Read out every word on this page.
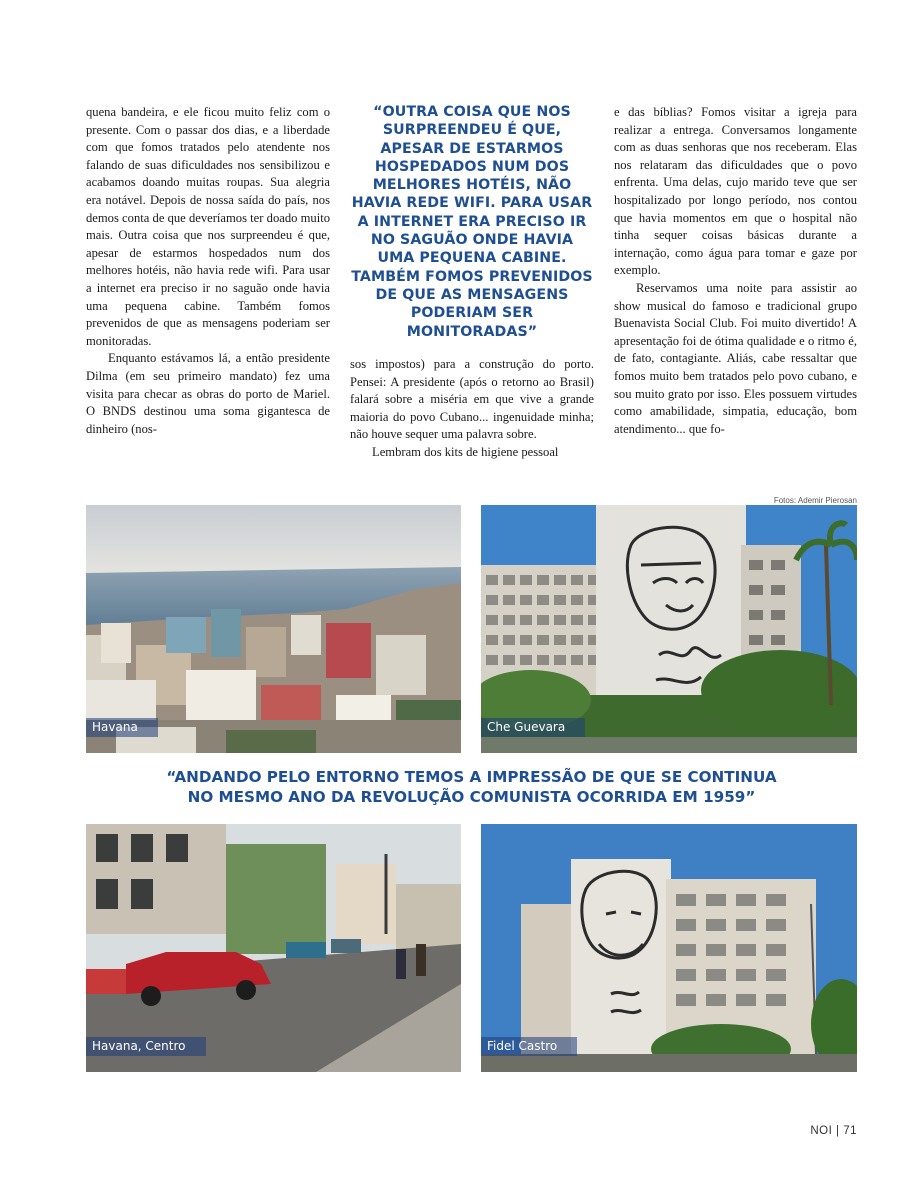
quena bandeira, e ele ficou muito feliz com o presente. Com o passar dos dias, e a liberdade com que fomos tratados pelo atendente nos falando de suas dificuldades nos sensibilizou e acabamos doando muitas roupas. Sua alegria era notável. Depois de nossa saída do país, nos demos conta de que deveríamos ter doado muito mais. Outra coisa que nos surpreendeu é que, apesar de estarmos hospedados num dos melhores hotéis, não havia rede wifi. Para usar a internet era preciso ir no saguão onde havia uma pequena cabine. Também fomos prevenidos de que as mensagens poderiam ser monitoradas.

Enquanto estávamos lá, a então presidente Dilma (em seu primeiro mandato) fez uma visita para checar as obras do porto de Mariel. O BNDS destinou uma soma gigantesca de dinheiro (nos-

“OUTRA COISA QUE NOS SURPREENDEU É QUE, APESAR DE ESTARMOS HOSPEDADOS NUM DOS MELHORES HOTÉIS, NÃO HAVIA REDE WIFI. PARA USAR A INTERNET ERA PRECISO IR NO SAGUÃO ONDE HAVIA UMA PEQUENA CABINE. TAMBÉM FOMOS PREVENIDOS DE QUE AS MENSAGENS PODERIAM SER MONITORADAS”

sos impostos) para a construção do porto. Pensei: A presidente (após o retorno ao Brasil) falará sobre a miséria em que vive a grande maioria do povo Cubano... ingenuidade minha; não houve sequer uma palavra sobre.

Lembram dos kits de higiene pessoal

e das bíblias? Fomos visitar a igreja para realizar a entrega. Conversamos longamente com as duas senhoras que nos receberam. Elas nos relataram das dificuldades que o povo enfrenta. Uma delas, cujo marido teve que ser hospitalizado por longo período, nos contou que havia momentos em que o hospital não tinha sequer coisas básicas durante a internação, como água para tomar e gaze por exemplo.

Reservamos uma noite para assistir ao show musical do famoso e tradicional grupo Buenavista Social Club. Foi muito divertido! A apresentação foi de ótima qualidade e o ritmo é, de fato, contagiante. Aliás, cabe ressaltar que fomos muito bem tratados pelo povo cubano, e sou muito grato por isso. Eles possuem virtudes como amabilidade, simpatia, educação, bom atendimento... que fo-

Fotos: Ademir Pierosan
Havana	Che Guevara
“ANDANDO PELO ENTORNO TEMOS A IMPRESSÃO DE QUE SE CONTINUA
NO MESMO ANO DA REVOLUÇÃO COMUNISTA OCORRIDA EM 1959”
Havana, Centro	Fidel Castro
NOI | 71
